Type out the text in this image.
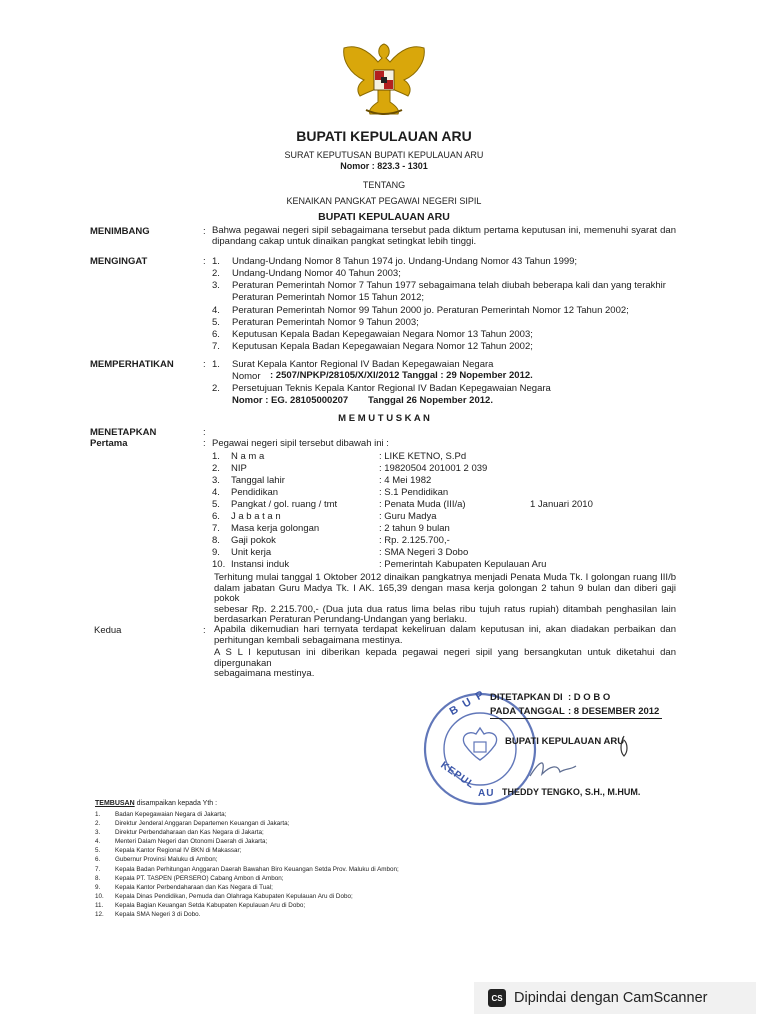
BUPATI KEPULAUAN ARU
SURAT KEPUTUSAN BUPATI KEPULAUAN ARU
Nomor : 823.3 - 1301
TENTANG
KENAIKAN PANGKAT PEGAWAI NEGERI SIPIL
BUPATI KEPULAUAN ARU
MENIMBANG	: Bahwa pegawai negeri sipil sebagaimana tersebut pada diktum pertama keputusan ini, memenuhi syarat dan
dipandang cakap untuk dinaikan pangkat setingkat lebih tinggi.
MENGINGAT	: 1. Undang-Undang Nomor 8 Tahun 1974 jo. Undang-Undang Nomor 43 Tahun 1999;
2. Undang-Undang Nomor 40 Tahun 2003;
3. Peraturan Pemerintah Nomor 7 Tahun 1977 sebagaimana telah diubah beberapa kali dan yang terakhir
Peraturan Pemerintah Nomor 15 Tahun 2012;
4. Peraturan Pemerintah Nomor 99 Tahun 2000 jo. Peraturan Pemerintah Nomor 12 Tahun 2002;
5. Peraturan Pemerintah Nomor 9 Tahun 2003;
6. Keputusan Kepala Badan Kepegawaian Negara Nomor 13 Tahun 2003;
7. Keputusan Kepala Badan Kepegawaian Negara Nomor 12 Tahun 2002;
MEMPERHATIKAN	: 1. Surat Kepala Kantor Regional IV Badan Kepegawaian Negara
Nomor : 2507/NPKP/28105/X/XI/2012 Tanggal : 29 Nopember 2012.
2. Persetujuan Teknis Kepala Kantor Regional IV Badan Kepegawaian Negara
Nomor : EG. 28105000207 Tanggal 26 Nopember 2012.
M E M U T U S K A N
MENETAPKAN	:
Pertama	: Pegawai negeri sipil tersebut dibawah ini :
1. N a m a	: LIKE KETNO, S.Pd
2. NIP	: 19820504 201001 2 039
3. Tanggal lahir	: 4 Mei 1982
4. Pendidikan	: S.1 Pendidikan
5. Pangkat / gol. ruang / tmt	: Penata Muda (III/a)	1 Januari 2010
6. J a b a t a n	: Guru Madya
7. Masa kerja golongan	: 2 tahun 9 bulan
8. Gaji pokok	: Rp. 2.125.700,-
9. Unit kerja	: SMA Negeri 3 Dobo
10. Instansi induk	: Pemerintah Kabupaten Kepulauan Aru
Terhitung mulai tanggal 1 Oktober 2012 dinaikan pangkatnya menjadi Penata Muda Tk. I golongan ruang III/b
dalam jabatan Guru Madya Tk. I AK. 165,39 dengan masa kerja golongan 2 tahun 9 bulan dan diberi gaji pokok
sebesar Rp. 2.215.700,- (Dua juta dua ratus lima belas ribu tujuh ratus rupiah) ditambah penghasilan lain
berdasarkan Peraturan Perundang-Undangan yang berlaku.
Kedua	: Apabila dikemudian hari ternyata terdapat kekeliruan dalam keputusan ini, akan diadakan perbaikan dan
perhitungan kembali sebagaimana mestinya.
A S L I keputusan ini diberikan kepada pegawai negeri sipil yang bersangkutan untuk diketahui dan dipergunakan
sebagaimana mestinya.
B U P
KEPUL
AU
DITETAPKAN DI : D O B O
PADA TANGGAL : 8 DESEMBER 2012
BUPATI KEPULAUAN ARU
THEDDY TENGKO, S.H., M.HUM.
TEMBUSAN disampaikan kepada Yth :
1. Badan Kepegawaian Negara di Jakarta;
2. Direktur Jenderal Anggaran Departemen Keuangan di Jakarta;
3. Direktur Perbendaharaan dan Kas Negara di Jakarta;
4. Menteri Dalam Negeri dan Otonomi Daerah di Jakarta;
5. Kepala Kantor Regional IV BKN di Makassar;
6. Gubernur Provinsi Maluku di Ambon;
7. Kepala Badan Perhitungan Anggaran Daerah Bawahan Biro Keuangan Setda Prov. Maluku di Ambon;
8. Kepala PT. TASPEN (PERSERO) Cabang Ambon di Ambon;
9. Kepala Kantor Perbendaharaan dan Kas Negara di Tual;
10. Kepala Dinas Pendidikan, Pemuda dan Olahraga Kabupaten Kepulauan Aru di Dobo;
11. Kepala Bagian Keuangan Setda Kabupaten Kepulauan Aru di Dobo;
12. Kepala SMA Negeri 3 di Dobo.
CS Dipindai dengan CamScanner
